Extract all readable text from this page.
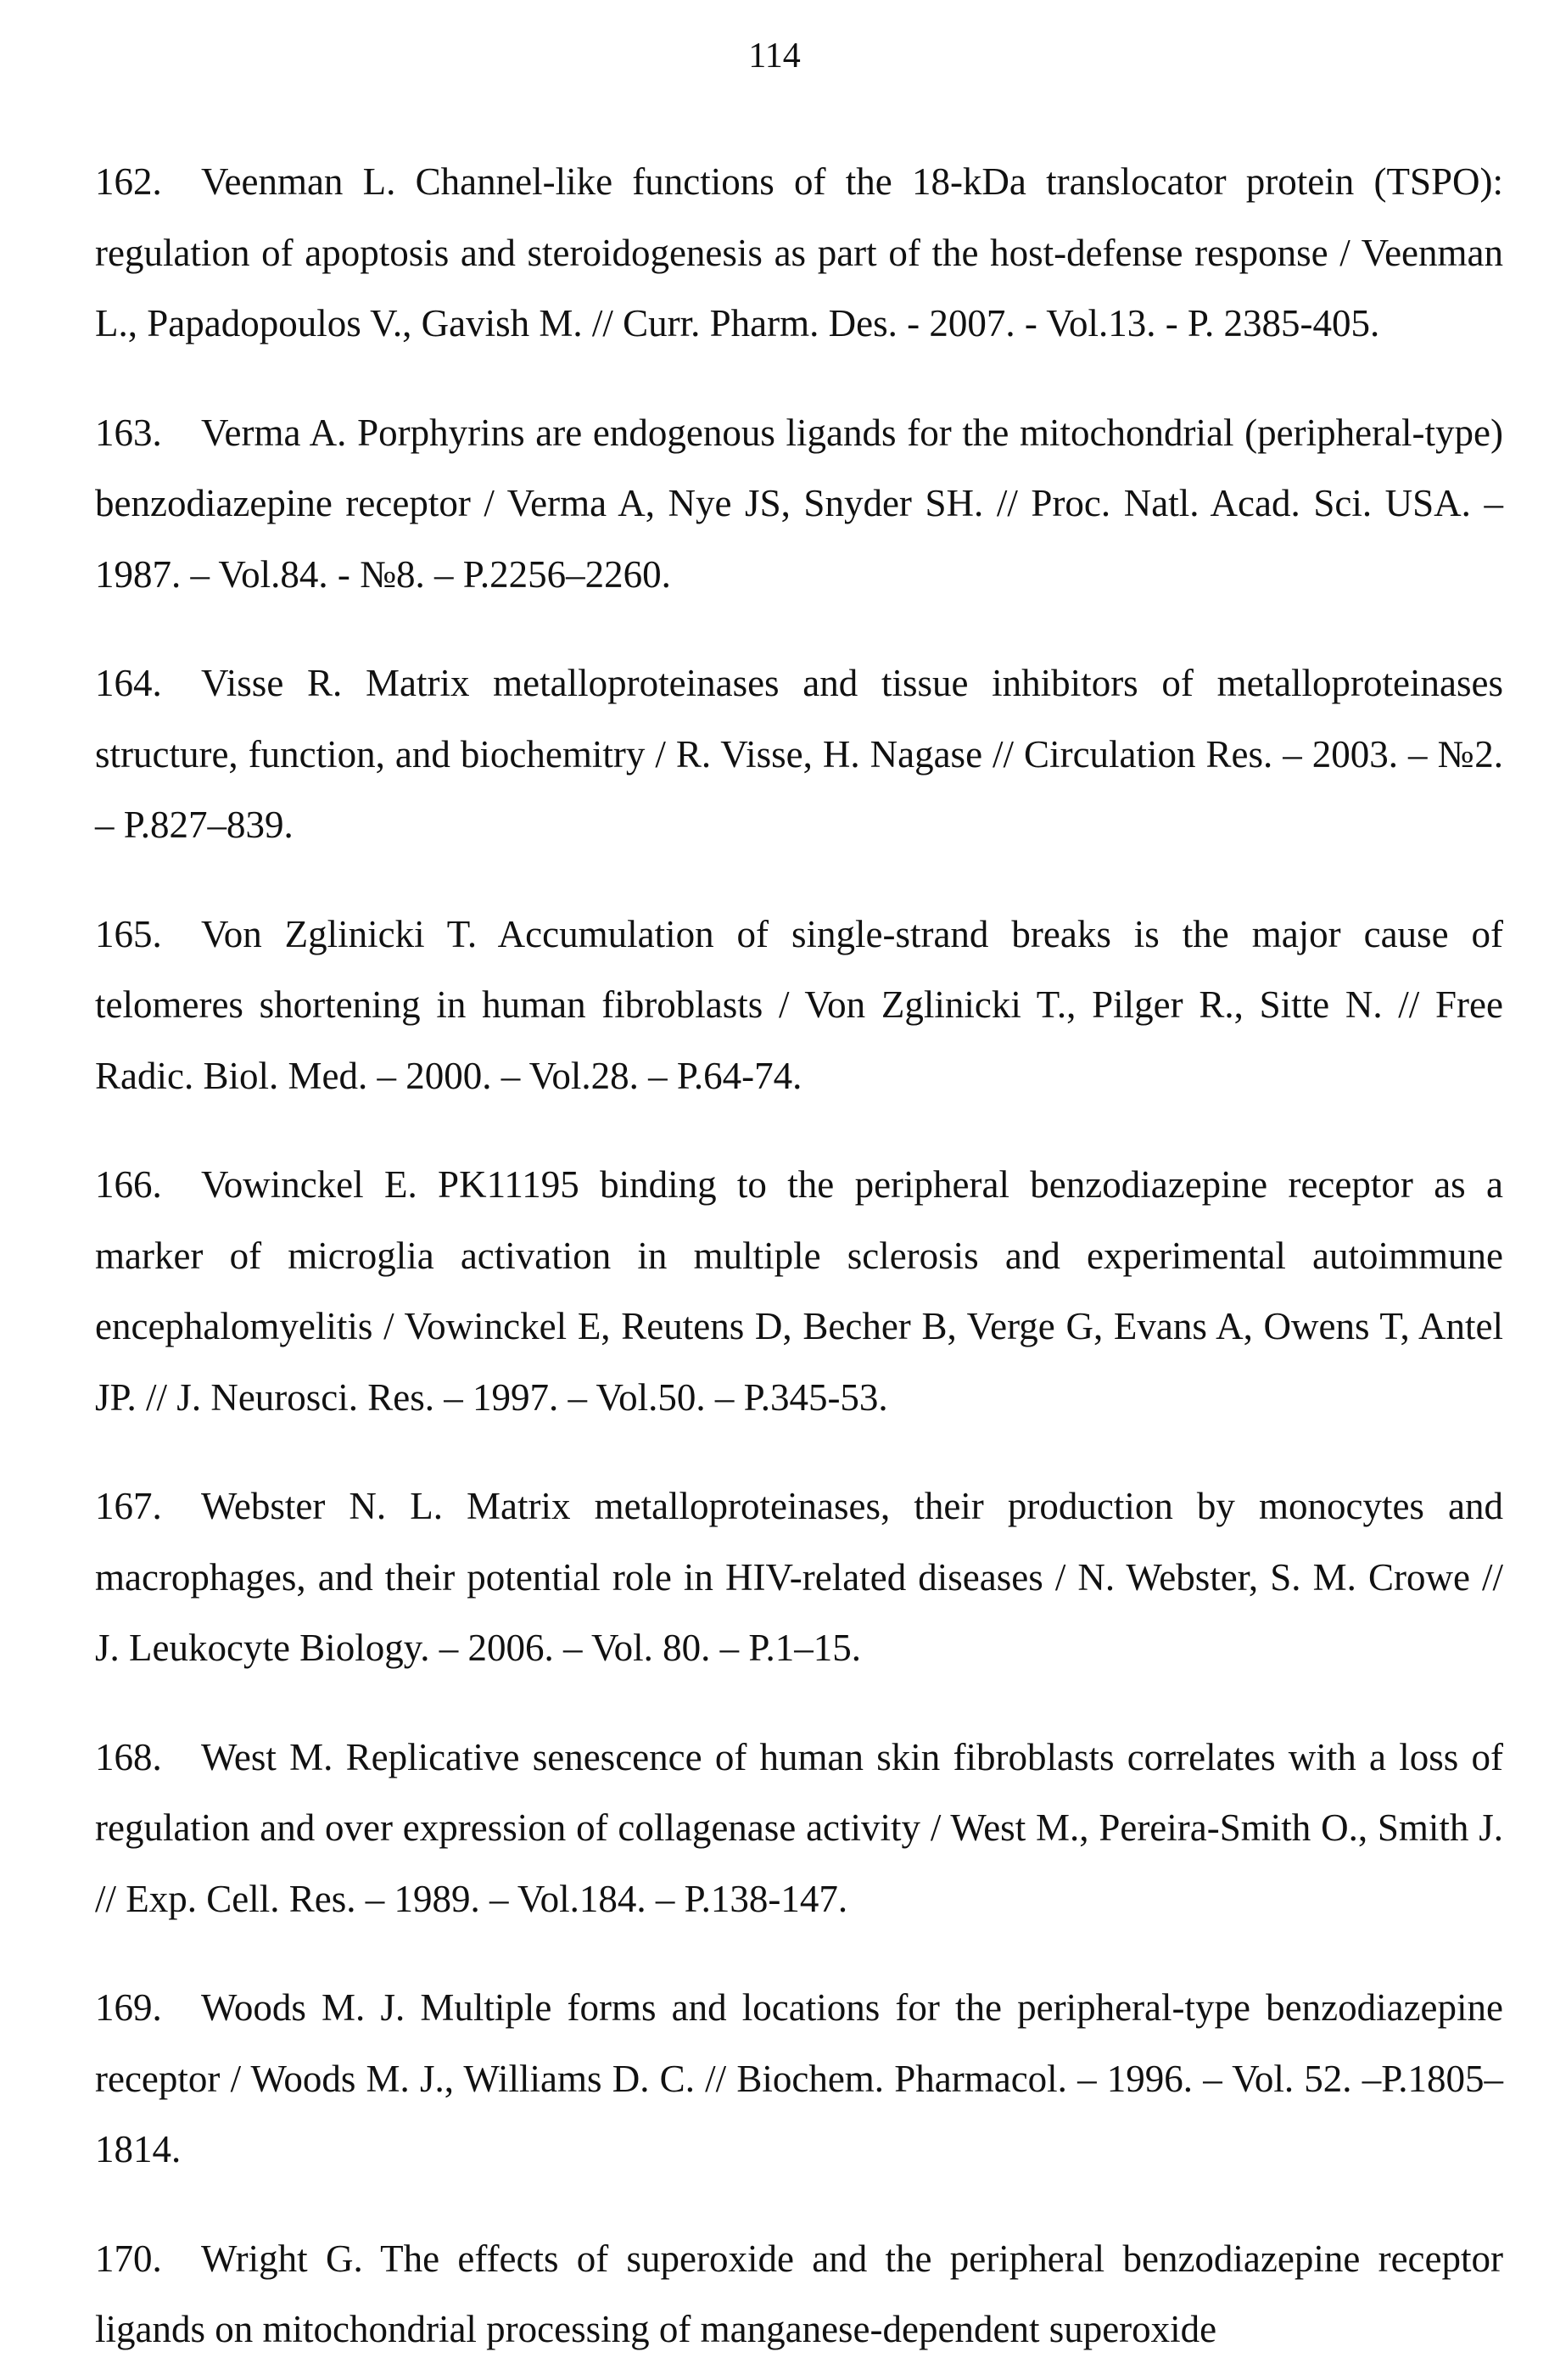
114

162. Veenman L. Channel-like functions of the 18-kDa translocator protein (TSPO): regulation of apoptosis and steroidogenesis as part of the host-defense response / Veenman L., Papadopoulos V., Gavish M. // Curr. Pharm. Des. - 2007. - Vol.13. - P. 2385-405.

163. Verma A. Porphyrins are endogenous ligands for the mitochondrial (peripheral-type) benzodiazepine receptor / Verma A, Nye JS, Snyder SH. // Proc. Natl. Acad. Sci. USA. – 1987. – Vol.84. - №8. – P.2256–2260.

164. Visse R. Matrix metalloproteinases and tissue inhibitors of metalloproteinases structure, function, and biochemitry / R. Visse, H. Nagase // Circulation Res. – 2003. – №2. – P.827–839.

165. Von Zglinicki T. Accumulation of single-strand breaks is the major cause of telomeres shortening in human fibroblasts / Von Zglinicki T., Pilger R., Sitte N. // Free Radic. Biol. Med. – 2000. – Vol.28. – P.64-74.

166. Vowinckel E. PK11195 binding to the peripheral benzodiazepine receptor as a marker of microglia activation in multiple sclerosis and experimental autoimmune encephalomyelitis / Vowinckel E, Reutens D, Becher B, Verge G, Evans A, Owens T, Antel JP. // J. Neurosci. Res. – 1997. – Vol.50. – P.345-53.

167. Webster N. L. Matrix metalloproteinases, their production by monocytes and macrophages, and their potential role in HIV-related diseases / N. Webster, S. M. Crowe // J. Leukocyte Biology. – 2006. – Vol. 80. – P.1–15.

168. West M. Replicative senescence of human skin fibroblasts correlates with a loss of regulation and over expression of collagenase activity / West M., Pereira-Smith O., Smith J. // Exp. Cell. Res. – 1989. – Vol.184. – P.138-147.

169. Woods M. J. Multiple forms and locations for the peripheral-type benzodiazepine receptor / Woods M. J., Williams D. C. // Biochem. Pharmacol. – 1996. – Vol. 52. –P.1805–1814.

170. Wright G. The effects of superoxide and the peripheral benzodiazepine receptor ligands on mitochondrial processing of manganese-dependent superoxide
